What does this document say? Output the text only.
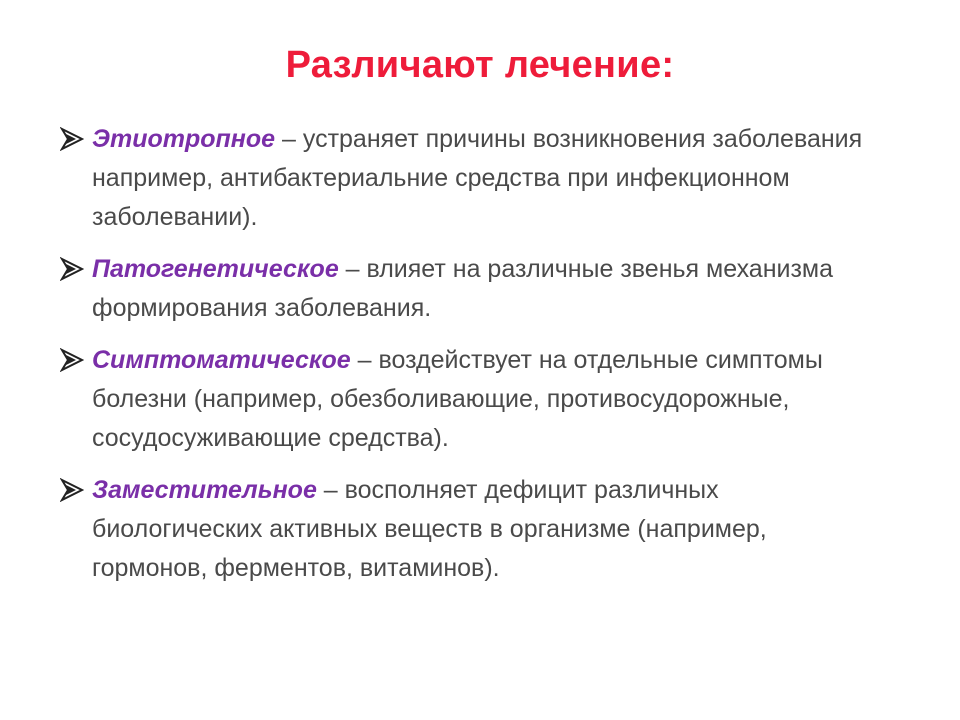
Различают лечение:
Этиотропное – устраняет причины возникновения заболевания например, антибактериальние средства при инфекционном заболевании).
Патогенетическое – влияет на различные звенья механизма формирования заболевания.
Симптоматическое – воздействует на отдельные симптомы болезни (например, обезболивающие, противосудорожные, сосудосуживающие средства).
Заместительное – восполняет дефицит различных биологических активных веществ в организме (например, гормонов, ферментов, витаминов).
